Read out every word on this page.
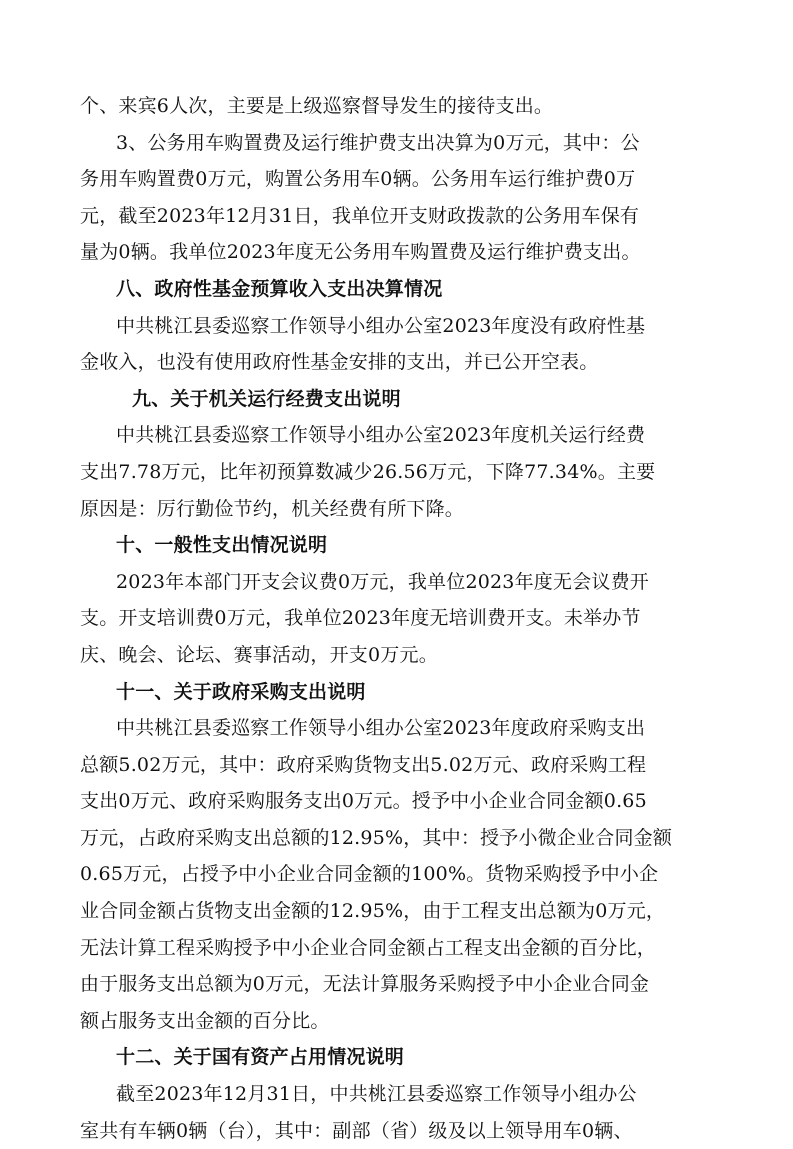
个、来宾6人次，主要是上级巡察督导发生的接待支出。
3、公务用车购置费及运行维护费支出决算为0万元，其中：公
务用车购置费0万元，购置公务用车0辆。公务用车运行维护费0万
元，截至2023年12月31日，我单位开支财政拨款的公务用车保有
量为0辆。我单位2023年度无公务用车购置费及运行维护费支出。
八、政府性基金预算收入支出决算情况
中共桃江县委巡察工作领导小组办公室2023年度没有政府性基
金收入，也没有使用政府性基金安排的支出，并已公开空表。
九、关于机关运行经费支出说明
中共桃江县委巡察工作领导小组办公室2023年度机关运行经费
支出7.78万元，比年初预算数减少26.56万元，下降77.34%。主要
原因是：厉行勤俭节约，机关经费有所下降。
十、一般性支出情况说明
2023年本部门开支会议费0万元，我单位2023年度无会议费开
支。开支培训费0万元，我单位2023年度无培训费开支。未举办节
庆、晚会、论坛、赛事活动，开支0万元。
十一、关于政府采购支出说明
中共桃江县委巡察工作领导小组办公室2023年度政府采购支出
总额5.02万元，其中：政府采购货物支出5.02万元、政府采购工程
支出0万元、政府采购服务支出0万元。授予中小企业合同金额0.65
万元，占政府采购支出总额的12.95%，其中：授予小微企业合同金额
0.65万元，占授予中小企业合同金额的100%。货物采购授予中小企
业合同金额占货物支出金额的12.95%，由于工程支出总额为0万元，
无法计算工程采购授予中小企业合同金额占工程支出金额的百分比，
由于服务支出总额为0万元，无法计算服务采购授予中小企业合同金
额占服务支出金额的百分比。
十二、关于国有资产占用情况说明
截至2023年12月31日，中共桃江县委巡察工作领导小组办公
室共有车辆0辆（台），其中：副部（省）级及以上领导用车0辆、
